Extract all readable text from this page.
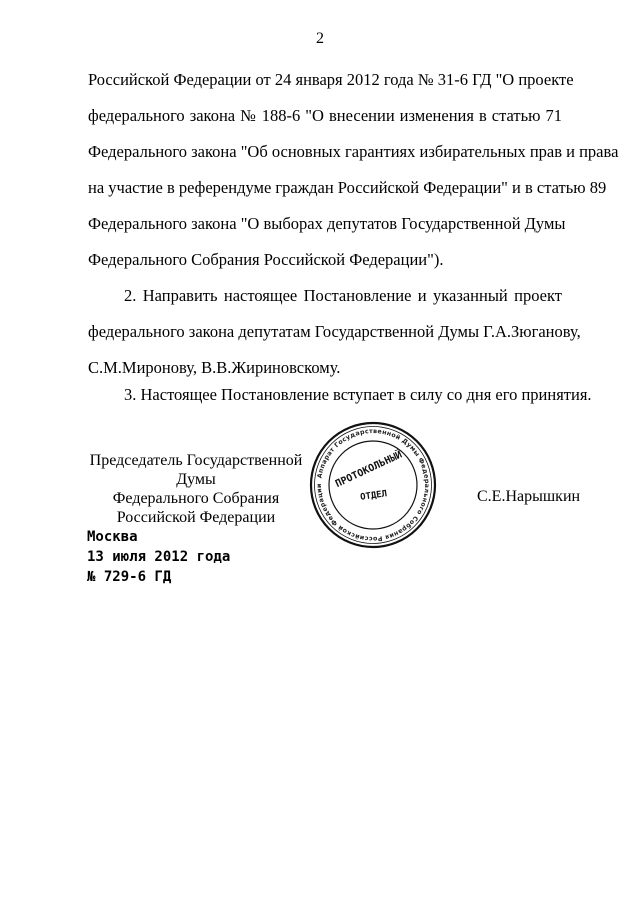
2
Российской Федерации от 24 января 2012 года № 31-6 ГД "О проекте
федерального закона № 188-6 "О внесении изменения в статью 71
Федерального закона "Об основных гарантиях избирательных прав и права
на участие в референдуме граждан Российской Федерации" и в статью 89
Федерального закона "О выборах депутатов Государственной Думы
Федерального Собрания Российской Федерации").
2. Направить настоящее Постановление и указанный проект
федерального закона депутатам Государственной Думы Г.А.Зюганову,
С.М.Миронову, В.В.Жириновскому.
3. Настоящее Постановление вступает в силу со дня его принятия.
Председатель Государственной Думы
Федерального Собрания
Российской Федерации
Аппарат Государственной Думы Федерального Собрания Российской Федерации	ПРОТОКОЛЬНЫЙ
ОТДЕЛ	С.Е.Нарышкин
Москва
13 июля 2012 года
№ 729-6 ГД
